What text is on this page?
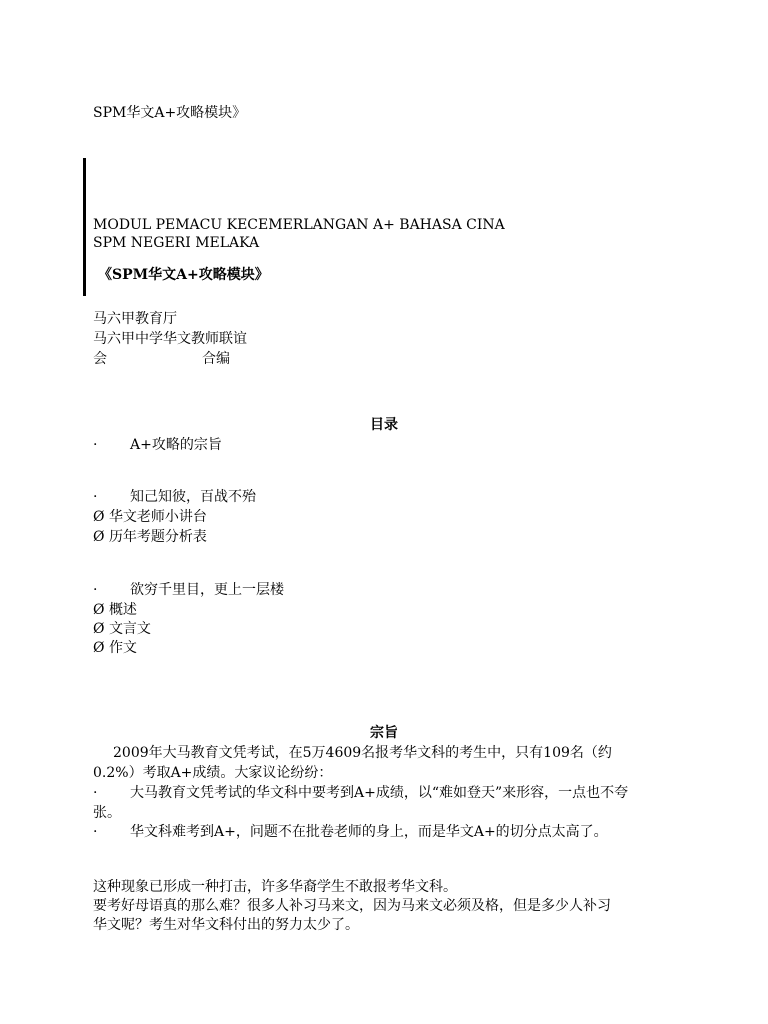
SPM华文A+攻略模块》
MODUL PEMACU KECEMERLANGAN A+ BAHASA CINA
SPM NEGERI MELAKA
《SPM华文A+攻略模块》
马六甲教育厅
马六甲中学华文教师联谊
会	合编
目录
· A+攻略的宗旨
· 知己知彼，百战不殆
Ø 华文老师小讲台
Ø 历年考题分析表
· 欲穷千里目，更上一层楼
Ø 概述
Ø 文言文
Ø 作文
宗旨
2009年大马教育文凭考试，在5万4609名报考华文科的考生中，只有109名（约
0.2%）考取A+成绩。大家议论纷纷：
· 大马教育文凭考试的华文科中要考到A+成绩，以“难如登天”来形容，一点也不夸
张。
· 华文科难考到A+，问题不在批卷老师的身上，而是华文A+的切分点太高了。
这种现象已形成一种打击，许多华裔学生不敢报考华文科。
要考好母语真的那么难？很多人补习马来文，因为马来文必须及格，但是多少人补习
华文呢？考生对华文科付出的努力太少了。
